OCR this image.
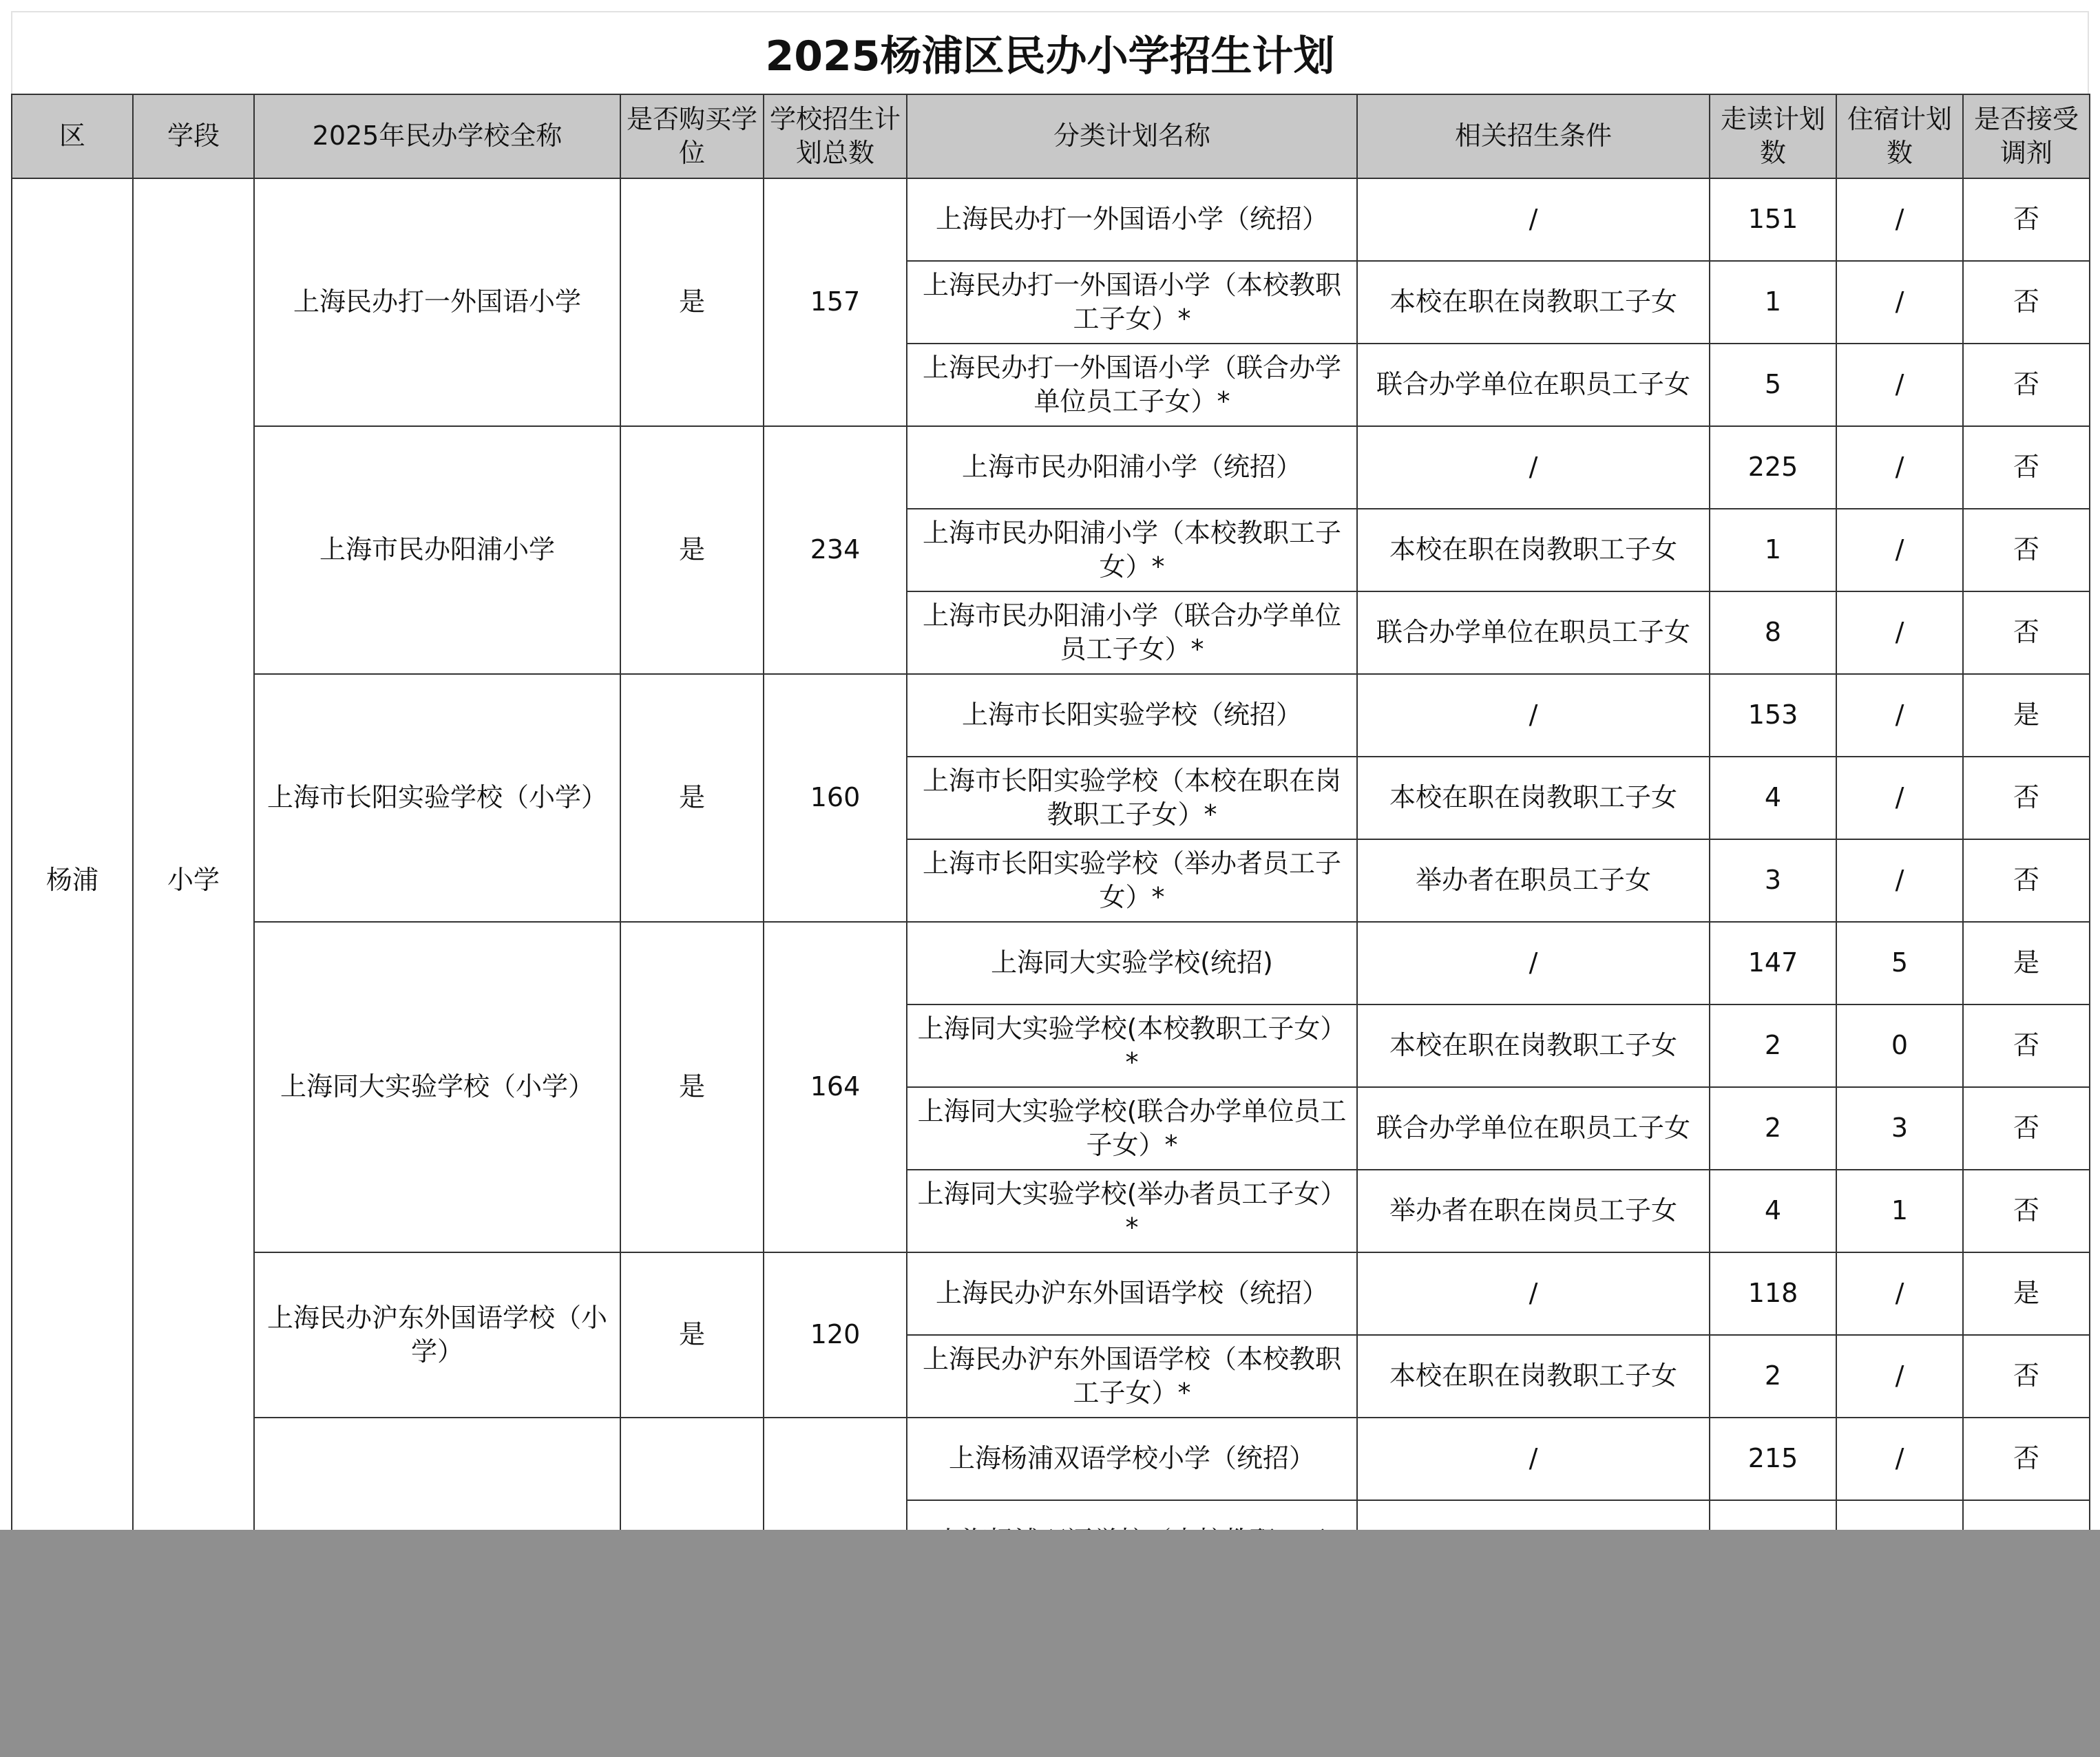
2025杨浦区民办小学招生计划
区	学段	2025年民办学校全称	是否购买学位	学校招生计划总数	分类计划名称	相关招生条件	走读计划数	住宿计划数	是否接受调剂
杨浦	小学	上海民办打一外国语小学	是	157	上海民办打一外国语小学（统招）	/	151	/	否
					上海民办打一外国语小学（本校教职工子女）*	本校在职在岗教职工子女	1	/	否
					上海民办打一外国语小学（联合办学单位员工子女）*	联合办学单位在职员工子女	5	/	否
		上海市民办阳浦小学	是	234	上海市民办阳浦小学（统招）	/	225	/	否
					上海市民办阳浦小学（本校教职工子女）*	本校在职在岗教职工子女	1	/	否
					上海市民办阳浦小学（联合办学单位员工子女）*	联合办学单位在职员工子女	8	/	否
		上海市长阳实验学校（小学）	是	160	上海市长阳实验学校（统招）	/	153	/	是
					上海市长阳实验学校（本校在职在岗教职工子女）*	本校在职在岗教职工子女	4	/	否
					上海市长阳实验学校（举办者员工子女）*	举办者在职员工子女	3	/	否
		上海同大实验学校（小学）	是	164	上海同大实验学校(统招)	/	147	5	是
					上海同大实验学校(本校教职工子女）*	本校在职在岗教职工子女	2	0	否
					上海同大实验学校(联合办学单位员工子女）*	联合办学单位在职员工子女	2	3	否
					上海同大实验学校(举办者员工子女）*	举办者在职在岗员工子女	4	1	否
		上海民办沪东外国语学校（小学）	是	120	上海民办沪东外国语学校（统招）	/	118	/	是
					上海民办沪东外国语学校（本校教职工子女）*	本校在职在岗教职工子女	2	/	否
					上海杨浦双语学校小学（统招）	/	215	/	否
